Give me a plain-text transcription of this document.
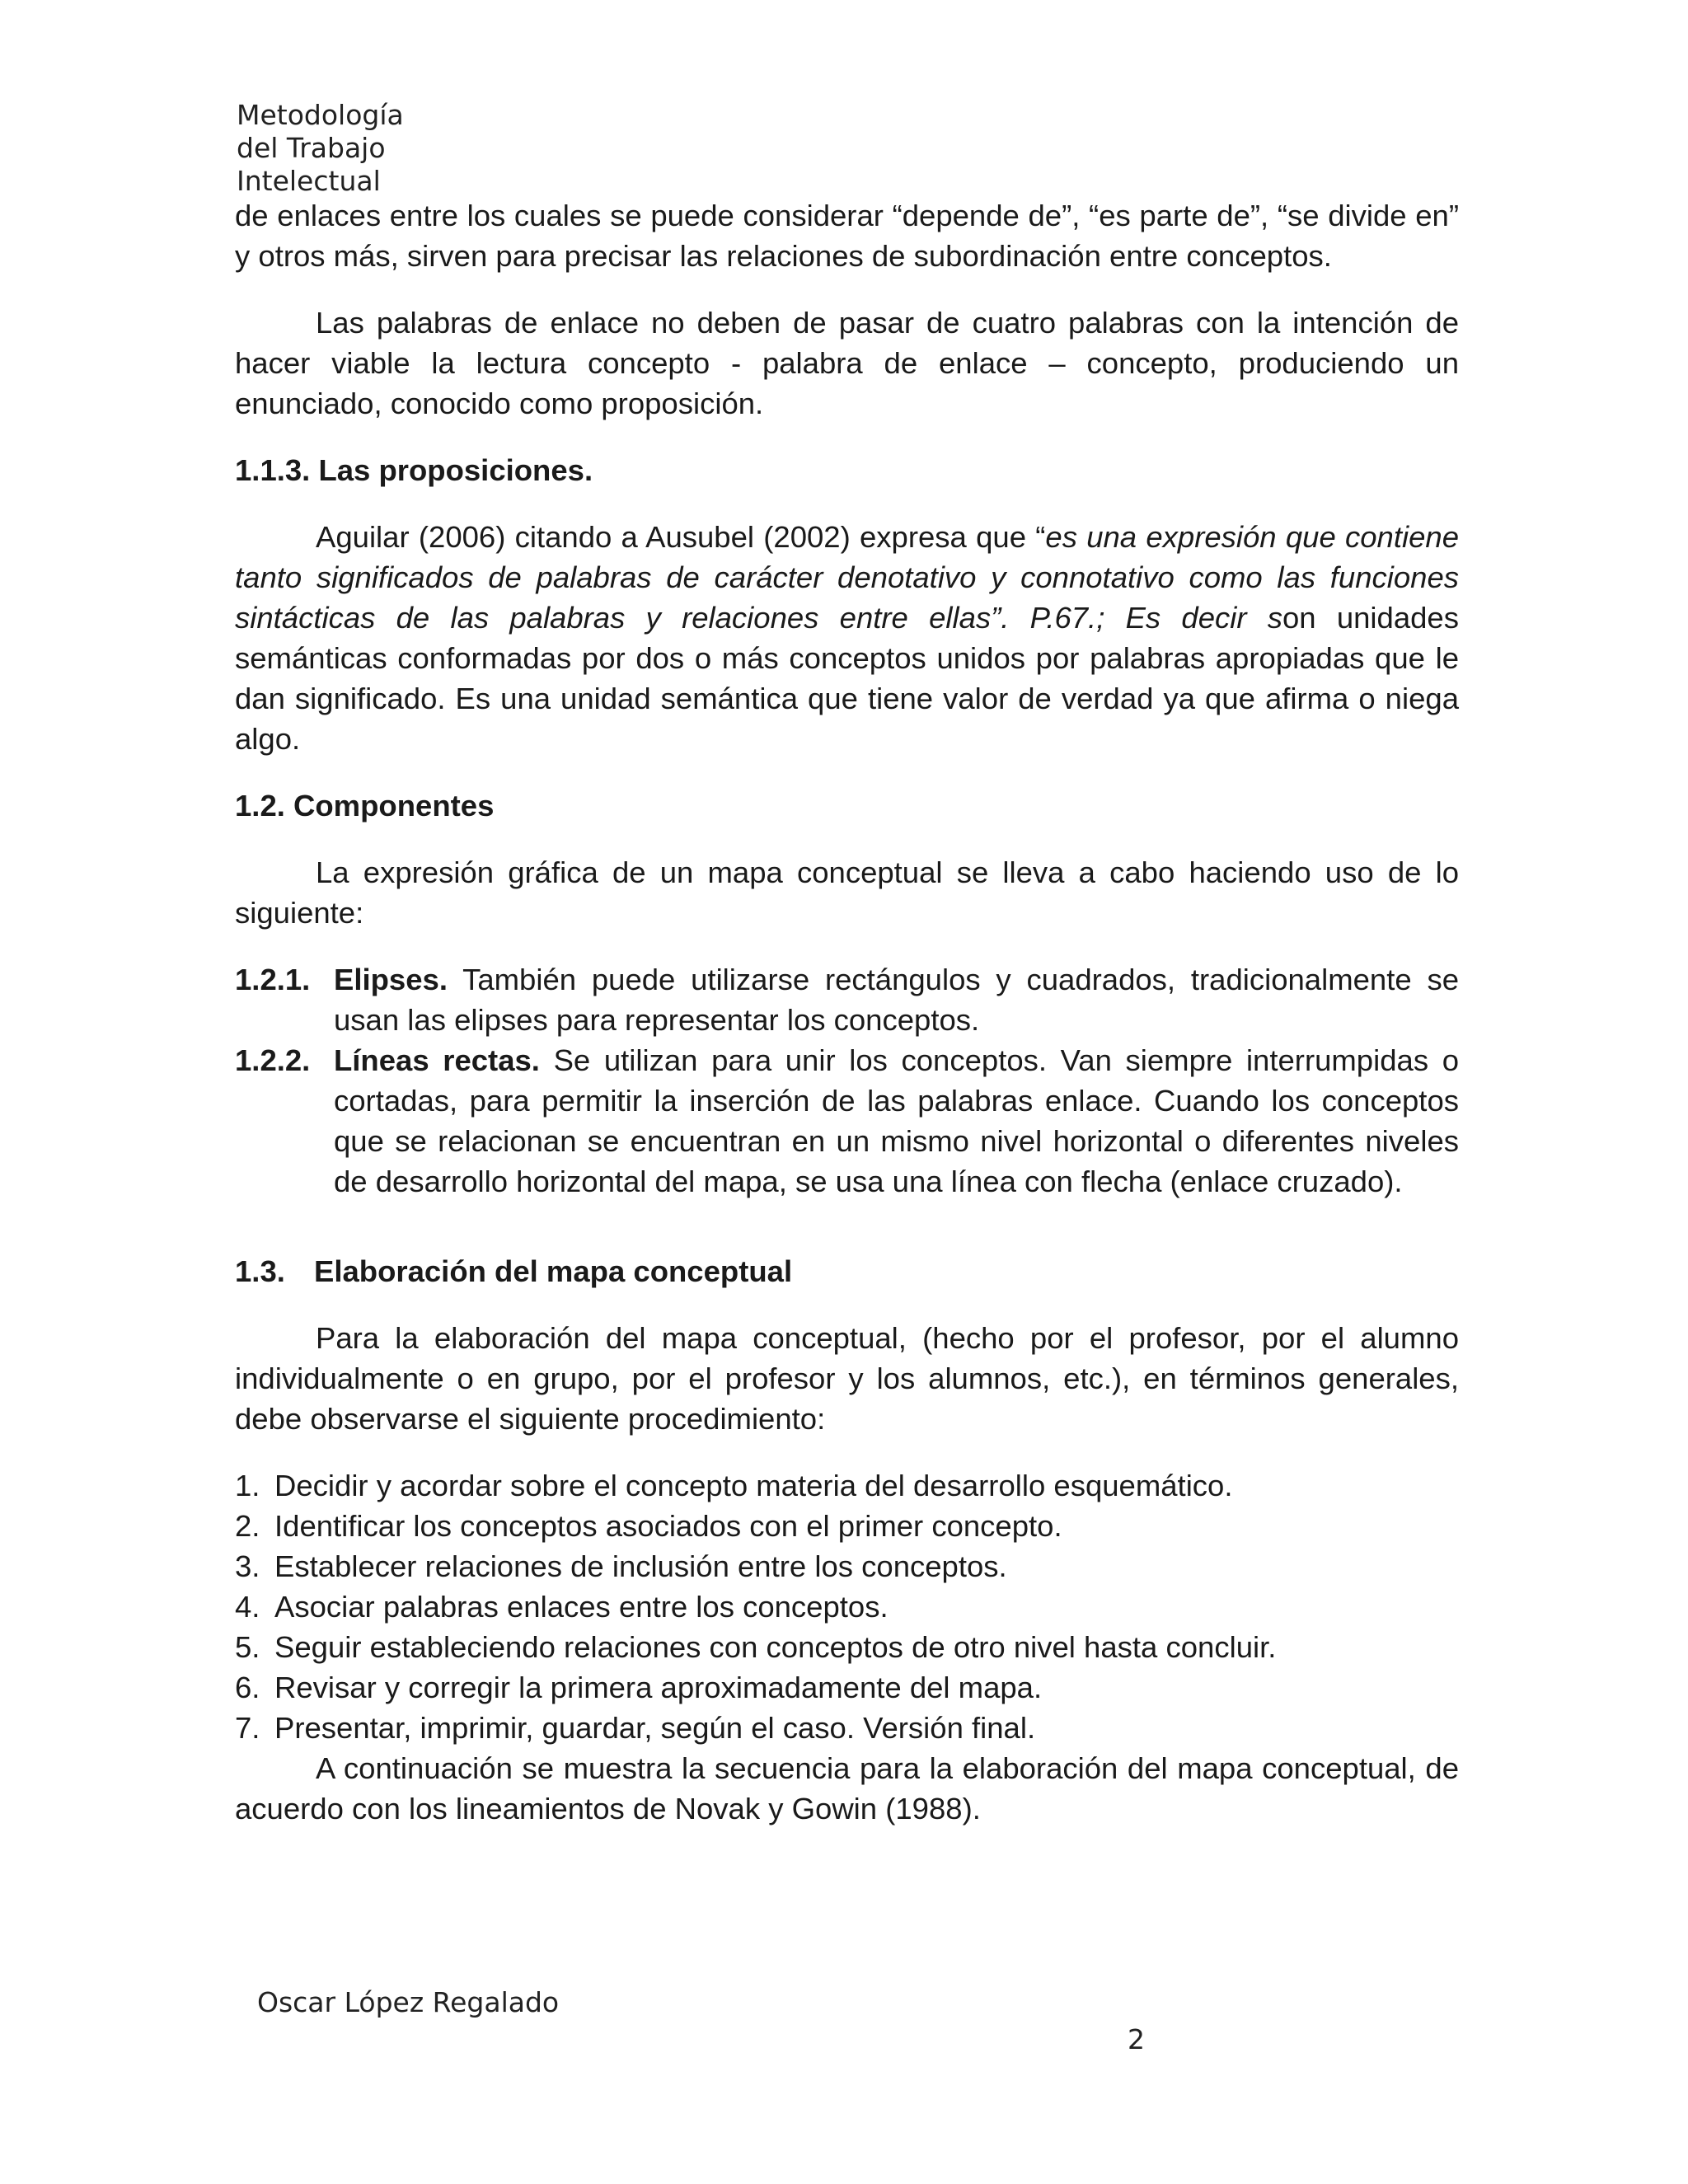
Metodología del Trabajo Intelectual

de enlaces entre los cuales se puede considerar “depende de”, “es parte de”, “se divide en” y otros más, sirven para precisar las relaciones de subordinación entre conceptos.

Las palabras de enlace no deben de pasar de cuatro palabras con la intención de hacer viable la lectura concepto - palabra de enlace – concepto, produciendo un enunciado, conocido como proposición.

1.1.3. Las proposiciones.

Aguilar (2006) citando a Ausubel (2002) expresa que “es una expresión que contiene tanto significados de palabras de carácter denotativo y connotativo como las funciones sintácticas de las palabras y relaciones entre ellas”. P.67.; Es decir son unidades semánticas conformadas por dos o más conceptos unidos por palabras apropiadas que le dan significado. Es una unidad semántica que tiene valor de verdad ya que afirma o niega algo.

1.2. Componentes

La expresión gráfica de un mapa conceptual se lleva a cabo haciendo uso de lo siguiente:

1.2.1. Elipses. También puede utilizarse rectángulos y cuadrados, tradicionalmente se usan las elipses para representar los conceptos.
1.2.2. Líneas rectas. Se utilizan para unir los conceptos. Van siempre interrumpidas o cortadas, para permitir la inserción de las palabras enlace. Cuando los conceptos que se relacionan se encuentran en un mismo nivel horizontal o diferentes niveles de desarrollo horizontal del mapa, se usa una línea con flecha (enlace cruzado).
1.3. Elaboración del mapa conceptual

Para la elaboración del mapa conceptual, (hecho por el profesor, por el alumno individualmente o en grupo, por el profesor y los alumnos, etc.), en términos generales, debe observarse el siguiente procedimiento:

1. Decidir y acordar sobre el concepto materia del desarrollo esquemático.
2. Identificar los conceptos asociados con el primer concepto.
3. Establecer relaciones de inclusión entre los conceptos.
4. Asociar palabras enlaces entre los conceptos.
5. Seguir estableciendo relaciones con conceptos de otro nivel hasta concluir.
6. Revisar y corregir la primera aproximadamente del mapa.
7. Presentar, imprimir, guardar, según el caso. Versión final.

A continuación se muestra la secuencia para la elaboración del mapa conceptual, de acuerdo con los lineamientos de Novak y Gowin (1988).

Oscar López Regalado
2
